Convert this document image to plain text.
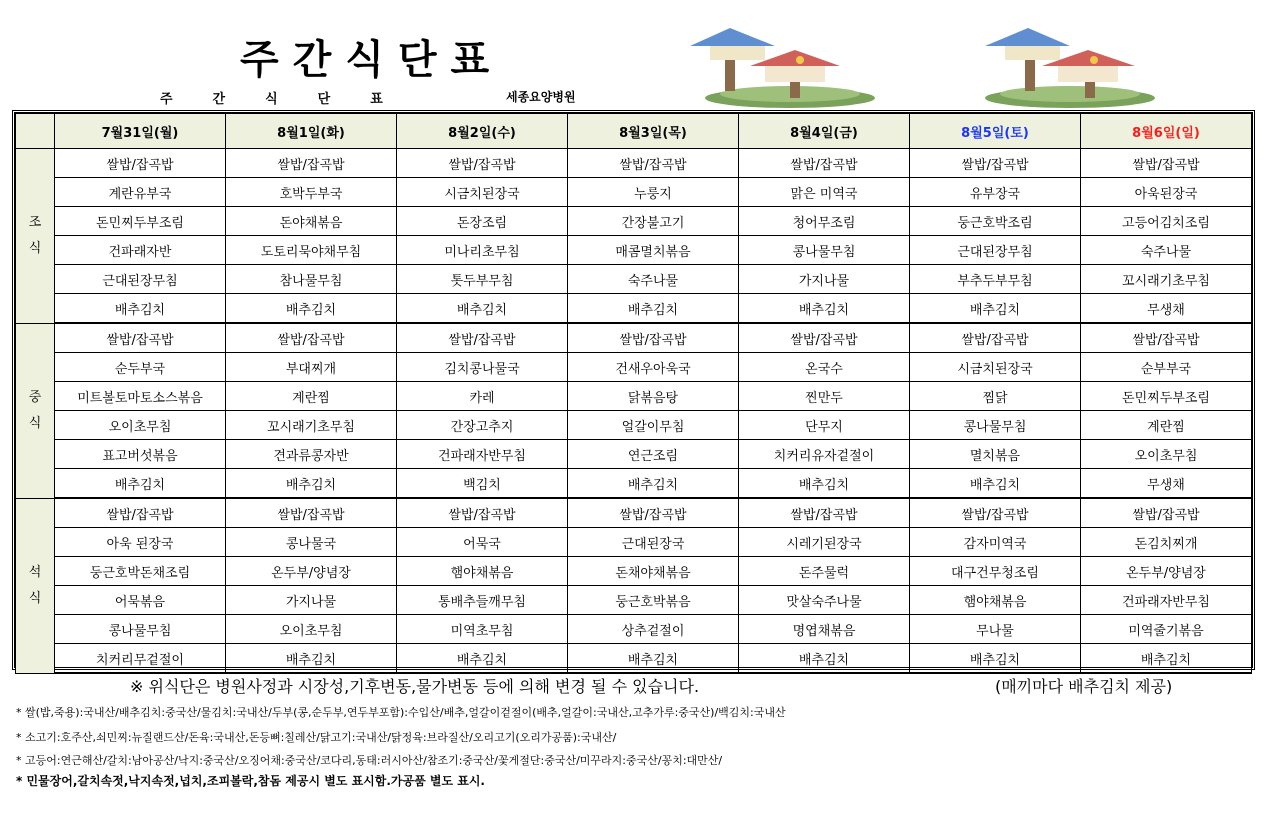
주간식단표
주간식단표	세종요양병원
	7월31일(월)	8월1일(화)	8월2일(수)	8월3일(목)	8월4일(금)	8월5일(토)	8월6일(일)
조
식	쌀밥/잡곡밥	쌀밥/잡곡밥	쌀밥/잡곡밥	쌀밥/잡곡밥	쌀밥/잡곡밥	쌀밥/잡곡밥	쌀밥/잡곡밥
	계란유부국	호박두부국	시금치된장국	누룽지	맑은 미역국	유부장국	아욱된장국
	돈민찌두부조림	돈야채볶음	돈장조림	간장불고기	청어무조림	둥근호박조림	고등어김치조림
	건파래자반	도토리묵야채무침	미나리초무침	매콤멸치볶음	콩나물무침	근대된장무침	숙주나물
	근대된장무침	참나물무침	톳두부무침	숙주나물	가지나물	부추두부무침	꼬시래기초무침
	배추김치	배추김치	배추김치	배추김치	배추김치	배추김치	무생채
중
식	쌀밥/잡곡밥	쌀밥/잡곡밥	쌀밥/잡곡밥	쌀밥/잡곡밥	쌀밥/잡곡밥	쌀밥/잡곡밥	쌀밥/잡곡밥
	순두부국	부대찌개	김치콩나물국	건새우아욱국	온국수	시금치된장국	순부부국
	미트볼토마토소스볶음	계란찜	카레	닭볶음탕	찐만두	찜닭	돈민찌두부조림
	오이초무침	꼬시래기초무침	간장고추지	얼갈이무침	단무지	콩나물무침	계란찜
	표고버섯볶음	견과류콩자반	건파래자반무침	연근조림	치커리유자겉절이	멸치볶음	오이초무침
	배추김치	배추김치	백김치	배추김치	배추김치	배추김치	무생채
석
식	쌀밥/잡곡밥	쌀밥/잡곡밥	쌀밥/잡곡밥	쌀밥/잡곡밥	쌀밥/잡곡밥	쌀밥/잡곡밥	쌀밥/잡곡밥
	아욱 된장국	콩나물국	어묵국	근대된장국	시레기된장국	감자미역국	돈김치찌개
	둥근호박돈채조림	온두부/양념장	햄야채볶음	돈채야채볶음	돈주물럭	대구건무청조림	온두부/양념장
	어묵볶음	가지나물	통배추들깨무침	둥근호박볶음	맛살숙주나물	햄야채볶음	건파래자반무침
	콩나물무침	오이초무침	미역초무침	상추겉절이	명엽채볶음	무나물	미역줄기볶음
	치커리무겉절이	배추김치	배추김치	배추김치	배추김치	배추김치	배추김치
※ 위식단은 병원사정과 시장성,기후변동,물가변동 등에 의해 변경 될 수 있습니다.	(매끼마다 배추김치 제공)
* 쌀(밥,죽용):국내산/배추김치:중국산/물김치:국내산/두부(콩,순두부,연두부포함):수입산/배추,얼갈이겉절이(배추,얼갈이:국내산,고추가루:중국산)/백김치:국내산
* 소고기:호주산,쇠민찌:뉴질랜드산/돈육:국내산,돈등뼈:칠레산/닭고기:국내산/닭정육:브라질산/오리고기(오리가공품):국내산/
* 고등어:연근해산/갈치:남아공산/낙지:중국산/오징어채:중국산/코다리,동태:러시아산/참조기:중국산/꽃게절단:중국산/미꾸라지:중국산/꽁치:대만산/
* 민물장어,갈치속젓,낙지속젓,넙치,조피볼락,참돔 제공시 별도 표시함.가공품 별도 표시.
